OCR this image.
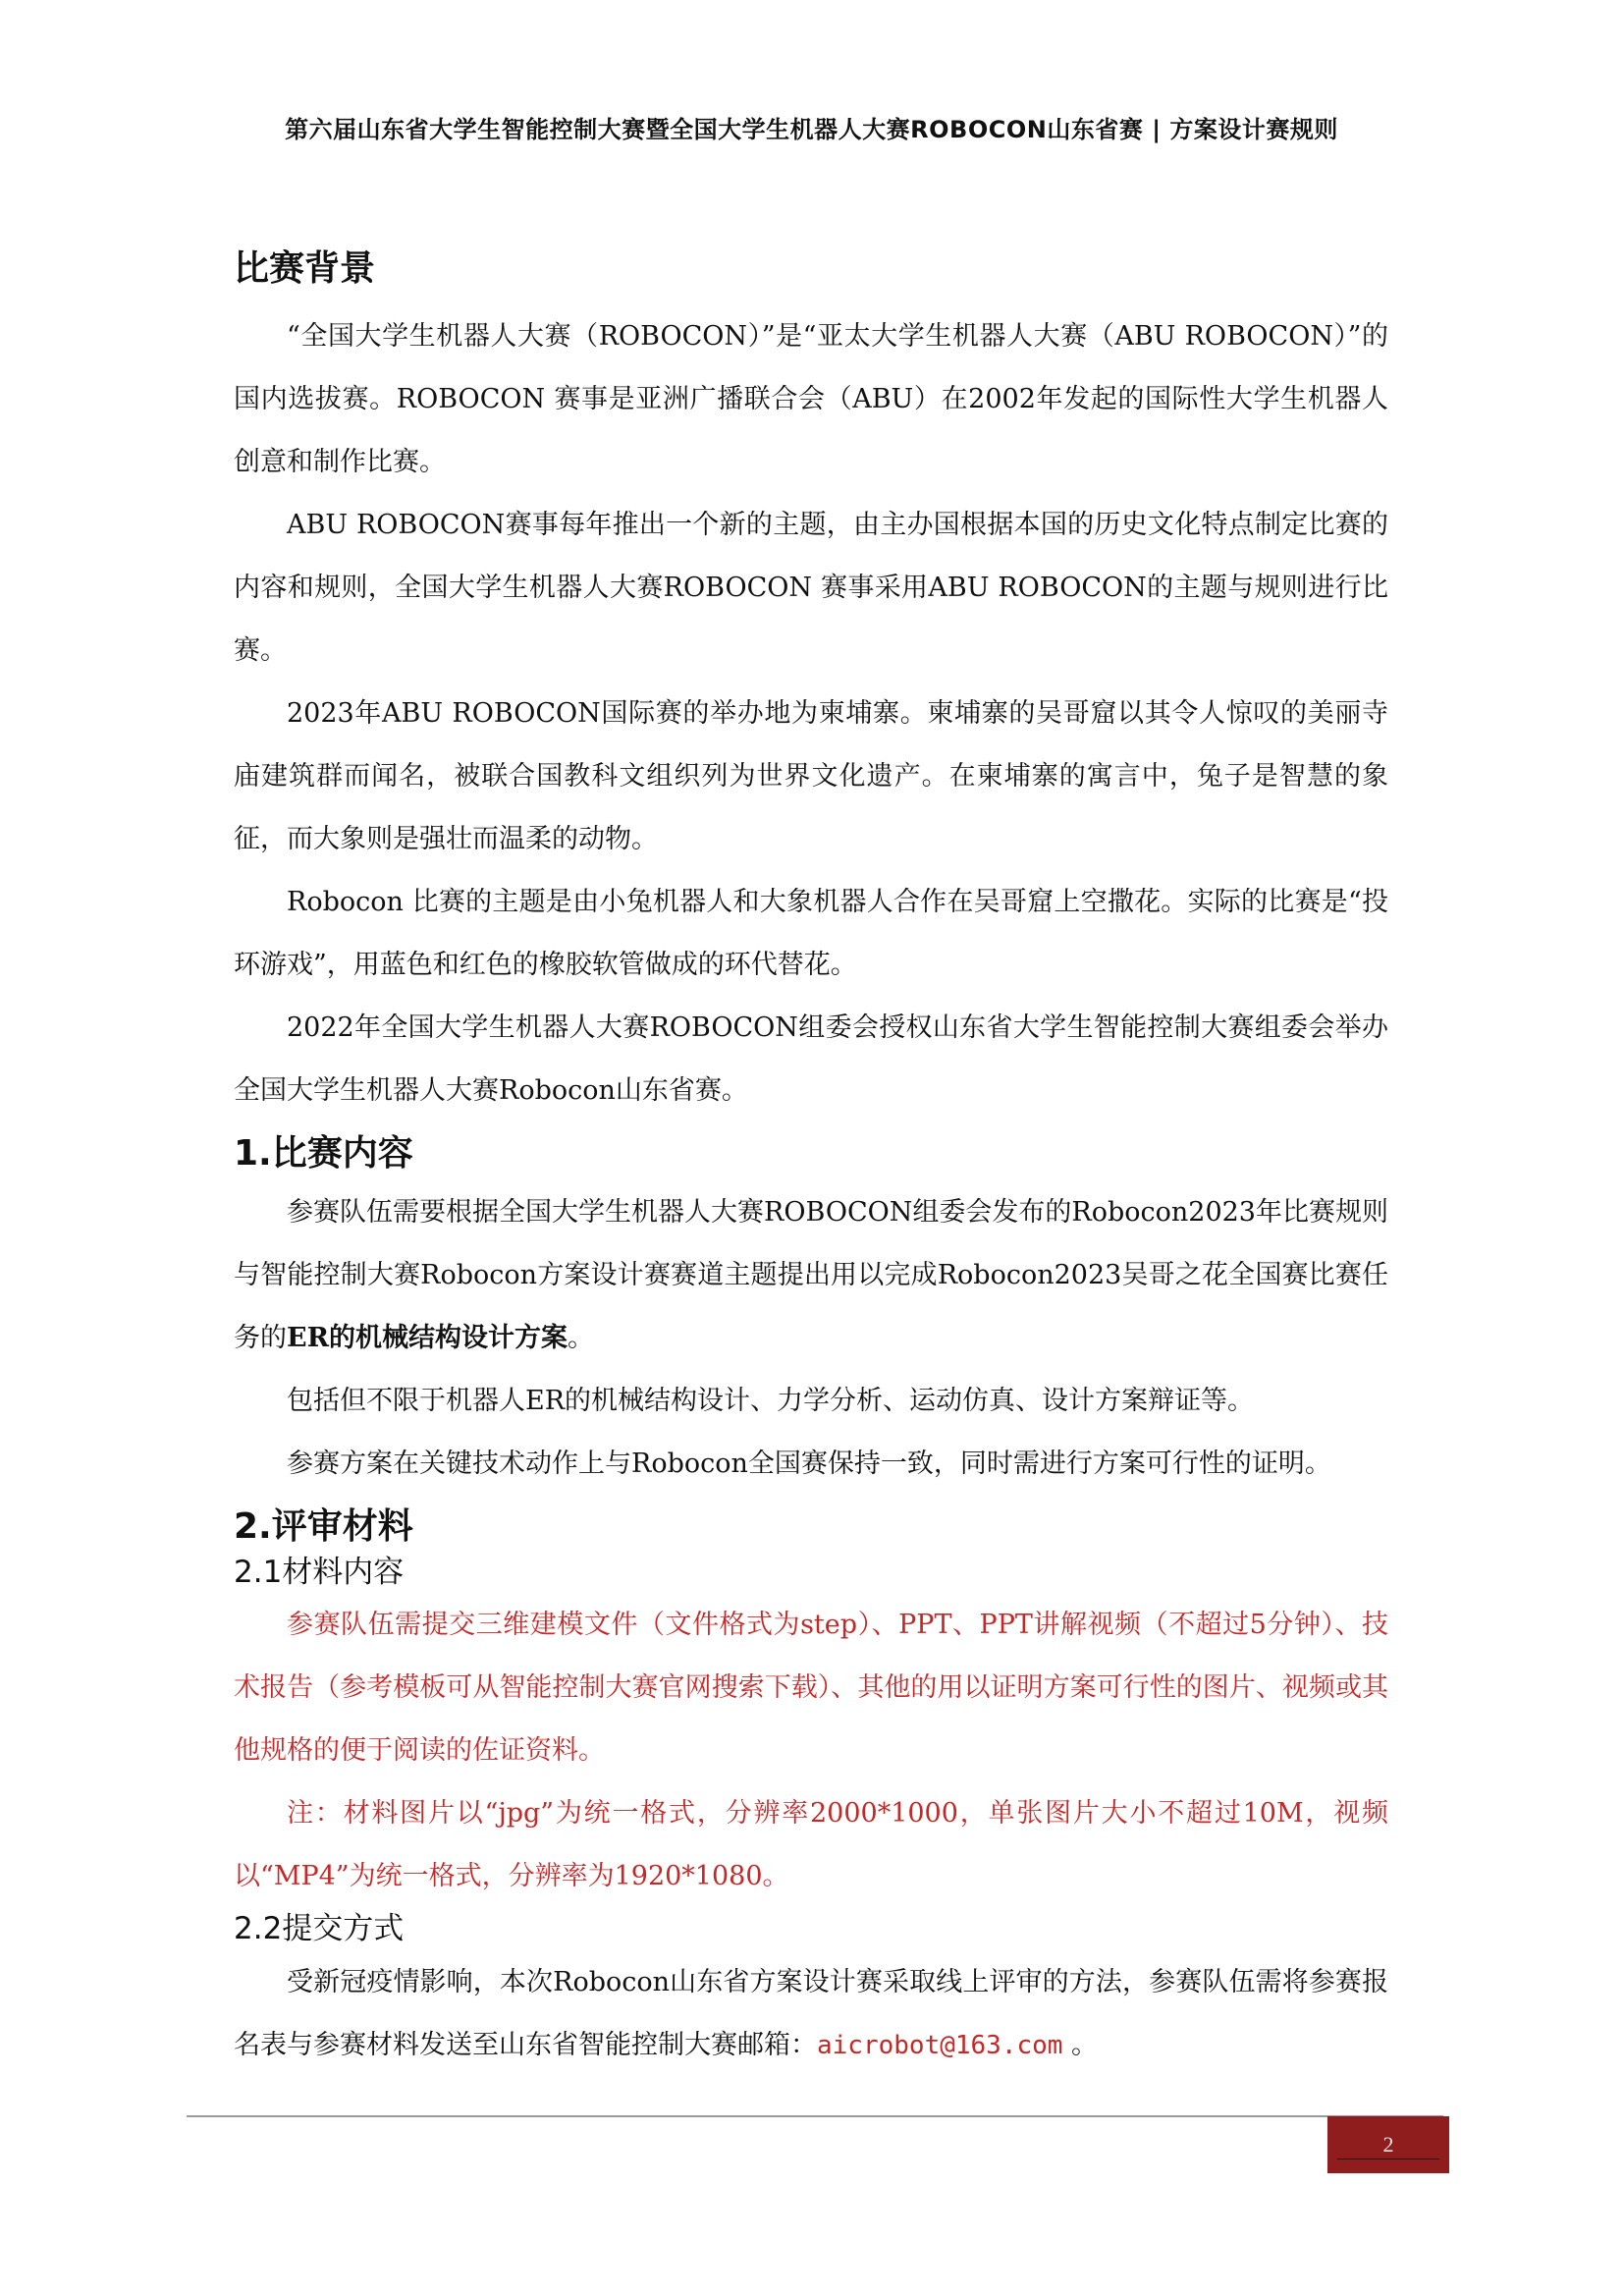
第六届山东省大学生智能控制大赛暨全国大学生机器人大赛ROBOCON山东省赛 | 方案设计赛规则
比赛背景

“全国大学生机器人大赛（ROBOCON）”是“亚太大学生机器人大赛（ABU ROBOCON）”的国内选拔赛。ROBOCON 赛事是亚洲广播联合会（ABU）在2002年发起的国际性大学生机器人创意和制作比赛。

ABU ROBOCON赛事每年推出一个新的主题，由主办国根据本国的历史文化特点制定比赛的内容和规则，全国大学生机器人大赛ROBOCON 赛事采用ABU ROBOCON的主题与规则进行比赛。

2023年ABU ROBOCON国际赛的举办地为柬埔寨。柬埔寨的吴哥窟以其令人惊叹的美丽寺庙建筑群而闻名，被联合国教科文组织列为世界文化遗产。在柬埔寨的寓言中，兔子是智慧的象征，而大象则是强壮而温柔的动物。

Robocon 比赛的主题是由小兔机器人和大象机器人合作在吴哥窟上空撒花。实际的比赛是“投环游戏”，用蓝色和红色的橡胶软管做成的环代替花。

2022年全国大学生机器人大赛ROBOCON组委会授权山东省大学生智能控制大赛组委会举办全国大学生机器人大赛Robocon山东省赛。

1.比赛内容

参赛队伍需要根据全国大学生机器人大赛ROBOCON组委会发布的Robocon2023年比赛规则与智能控制大赛Robocon方案设计赛赛道主题提出用以完成Robocon2023吴哥之花全国赛比赛任务的ER的机械结构设计方案。

包括但不限于机器人ER的机械结构设计、力学分析、运动仿真、设计方案辩证等。

参赛方案在关键技术动作上与Robocon全国赛保持一致，同时需进行方案可行性的证明。

2.评审材料
2.1材料内容

参赛队伍需提交三维建模文件（文件格式为step）、PPT、PPT讲解视频（不超过5分钟）、技术报告（参考模板可从智能控制大赛官网搜索下载）、其他的用以证明方案可行性的图片、视频或其他规格的便于阅读的佐证资料。

注：材料图片以“jpg”为统一格式，分辨率2000*1000，单张图片大小不超过10M，视频以“MP4”为统一格式，分辨率为1920*1080。

2.2提交方式

受新冠疫情影响，本次Robocon山东省方案设计赛采取线上评审的方法，参赛队伍需将参赛报名表与参赛材料发送至山东省智能控制大赛邮箱：aicrobot@163.com 。

2
